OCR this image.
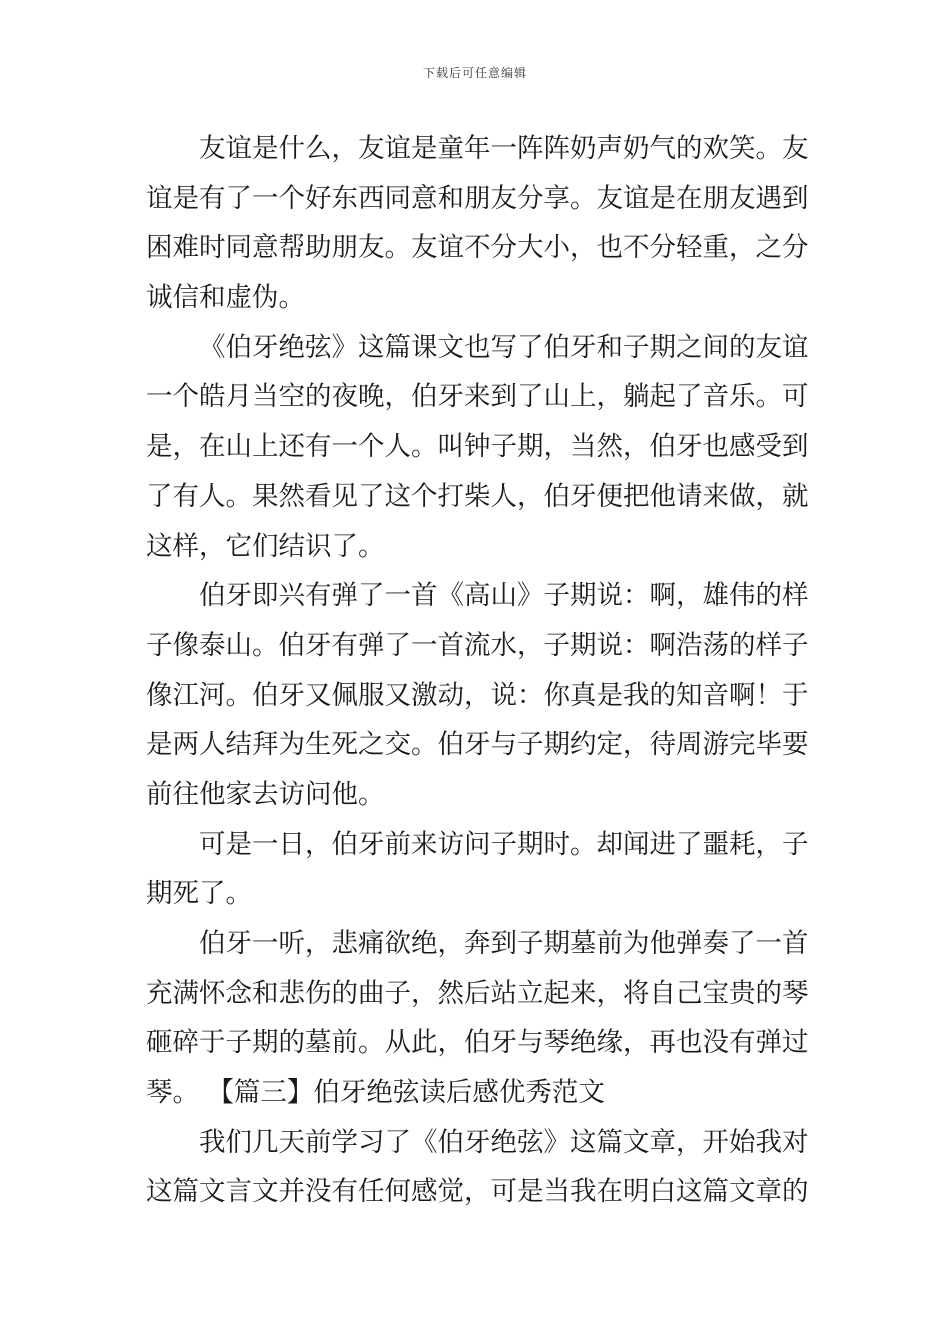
下载后可任意编辑
友谊是什么，友谊是童年一阵阵奶声奶气的欢笑。友
谊是有了一个好东西同意和朋友分享。友谊是在朋友遇到
困难时同意帮助朋友。友谊不分大小，也不分轻重，之分
诚信和虚伪。
《伯牙绝弦》这篇课文也写了伯牙和子期之间的友谊
一个皓月当空的夜晚，伯牙来到了山上，躺起了音乐。可
是，在山上还有一个人。叫钟子期，当然，伯牙也感受到
了有人。果然看见了这个打柴人，伯牙便把他请来做，就
这样，它们结识了。
伯牙即兴有弹了一首《高山》子期说：啊，雄伟的样
子像泰山。伯牙有弹了一首流水，子期说：啊浩荡的样子
像江河。伯牙又佩服又激动，说：你真是我的知音啊！于
是两人结拜为生死之交。伯牙与子期约定，待周游完毕要
前往他家去访问他。
可是一日，伯牙前来访问子期时。却闻进了噩耗，子
期死了。
伯牙一听，悲痛欲绝，奔到子期墓前为他弹奏了一首
充满怀念和悲伤的曲子，然后站立起来，将自己宝贵的琴
砸碎于子期的墓前。从此，伯牙与琴绝缘，再也没有弹过
琴。 【篇三】伯牙绝弦读后感优秀范文
我们几天前学习了《伯牙绝弦》这篇文章，开始我对
这篇文言文并没有任何感觉，可是当我在明白这篇文章的
